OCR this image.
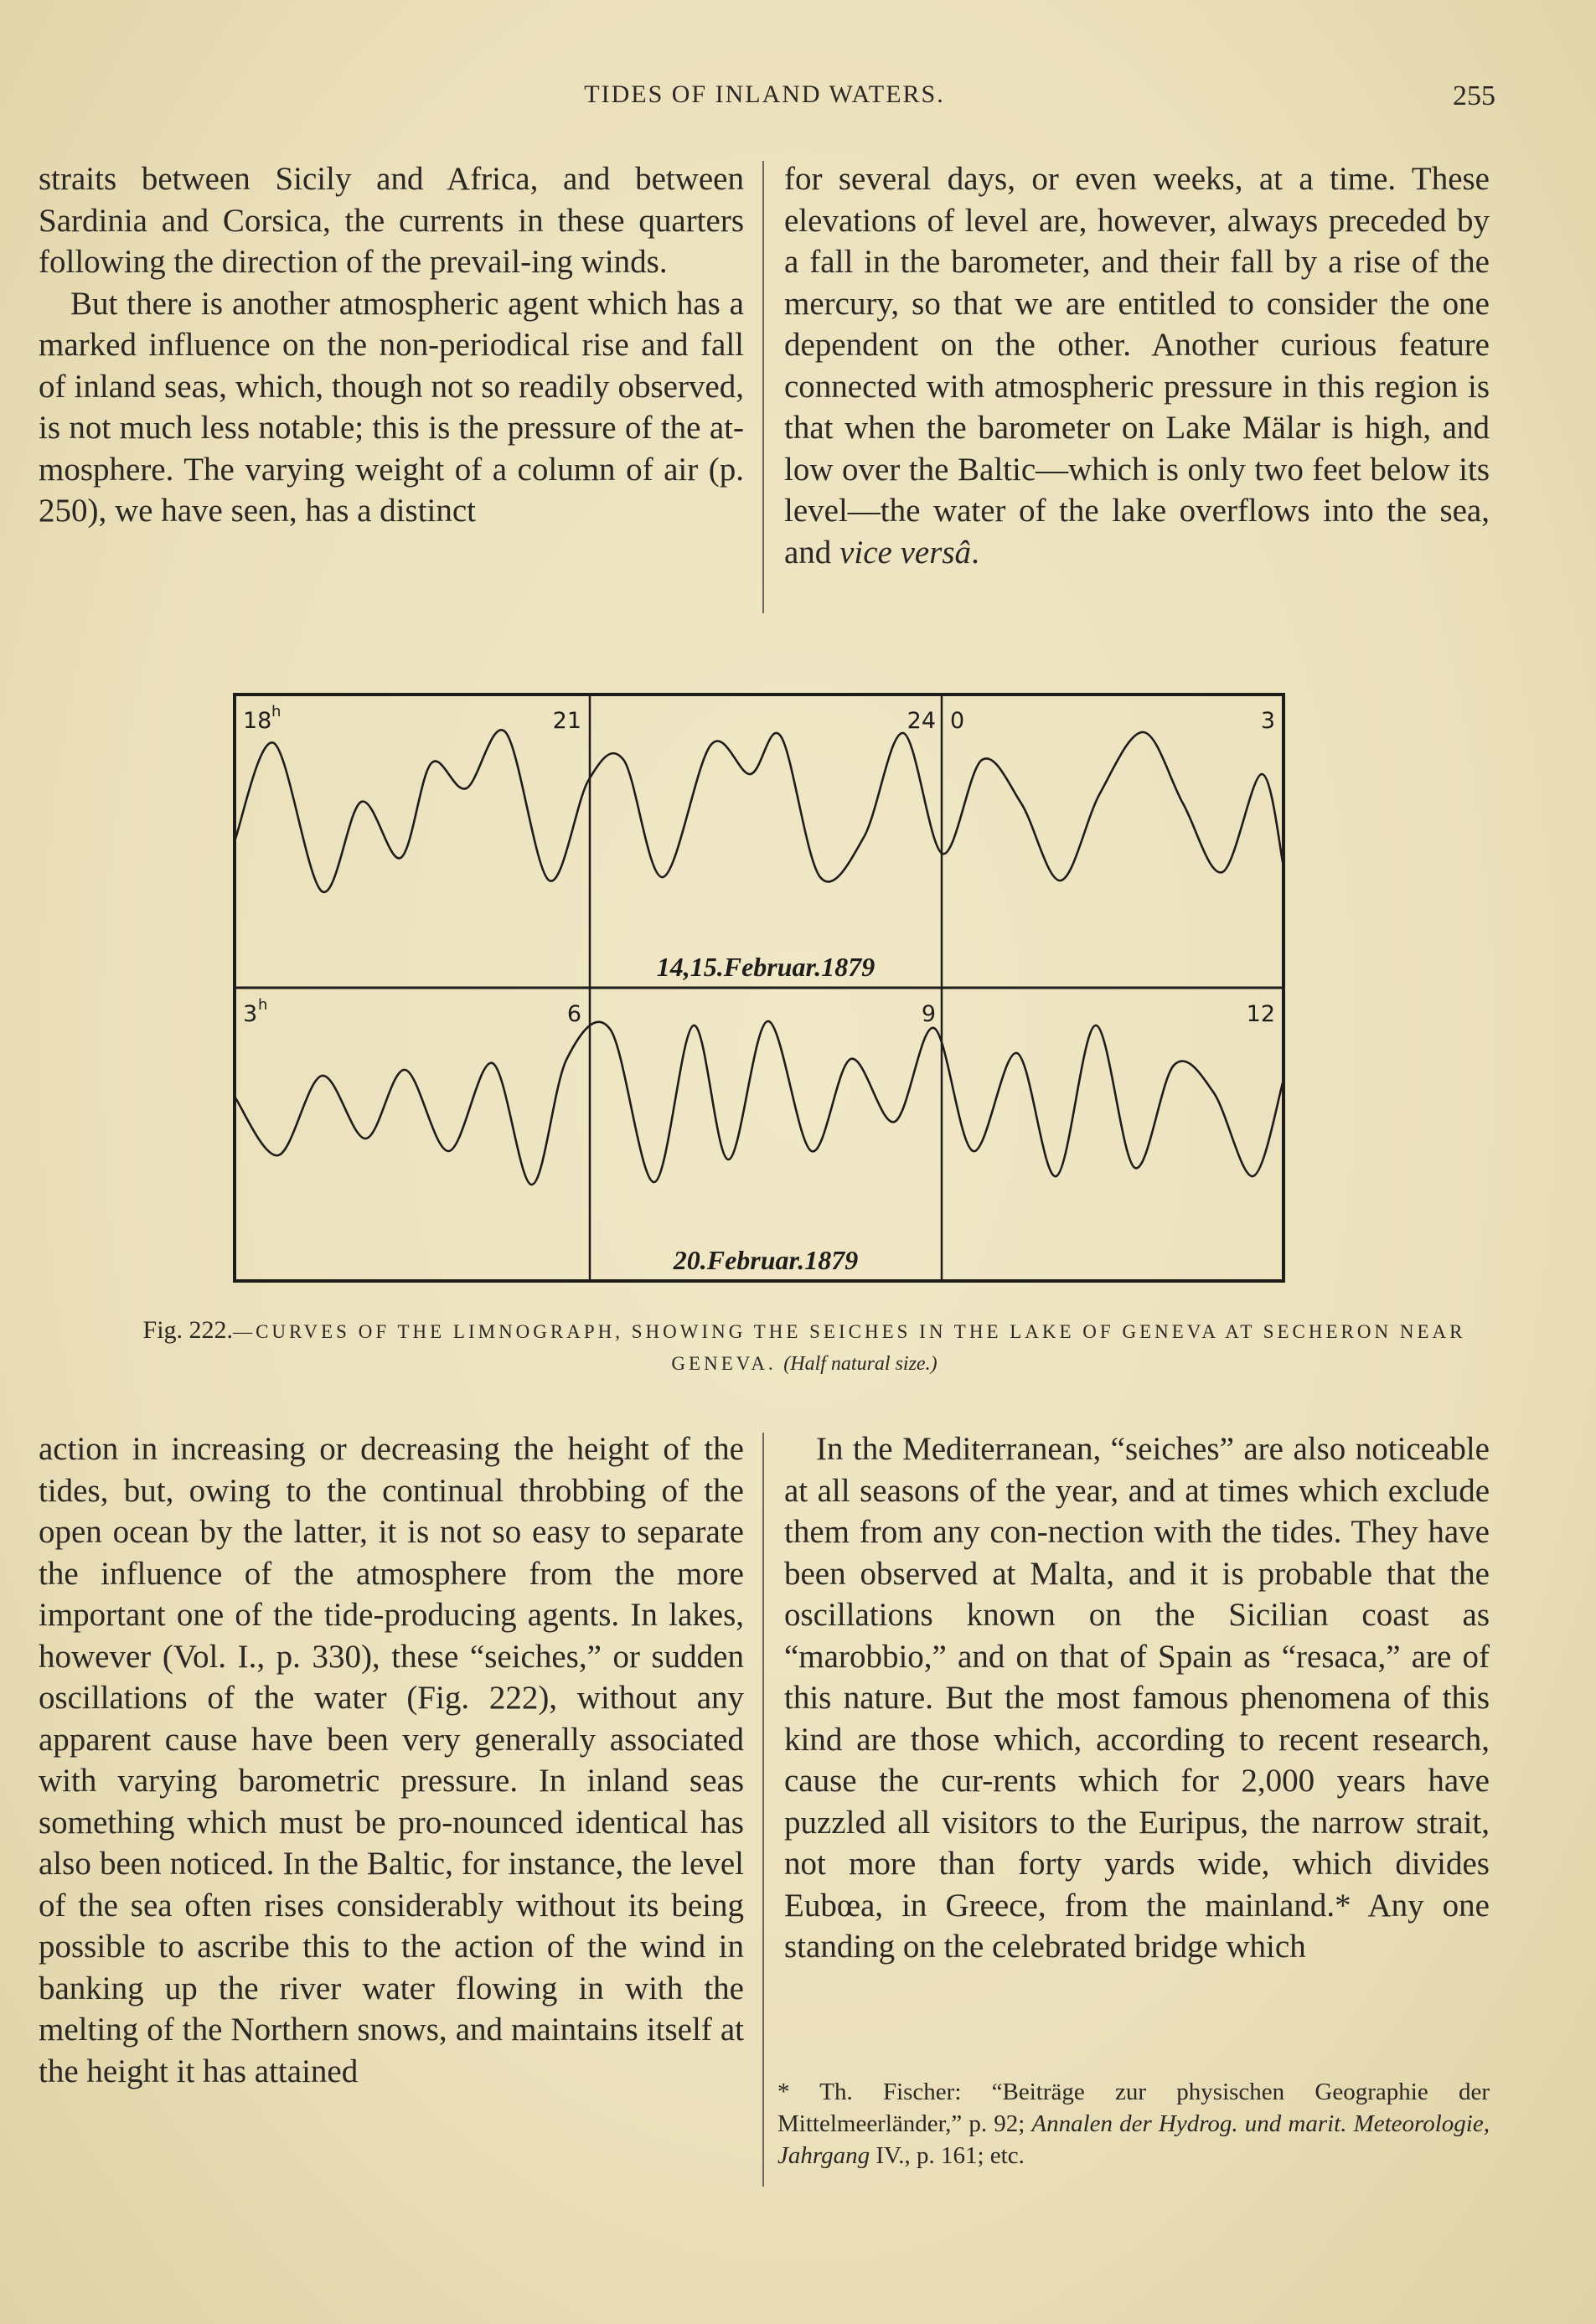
TIDES OF INLAND WATERS.	255

straits between Sicily and Africa, and between Sardinia and Corsica, the currents in these quarters following the direction of the prevail-ing winds.

But there is another atmospheric agent which has a marked influence on the non-periodical rise and fall of inland seas, which, though not so readily observed, is not much less notable; this is the pressure of the at-mosphere. The varying weight of a column of air (p. 250), we have seen, has a distinct

for several days, or even weeks, at a time. These elevations of level are, however, always preceded by a fall in the barometer, and their fall by a rise of the mercury, so that we are entitled to consider the one dependent on the other. Another curious feature connected with atmospheric pressure in this region is that when the barometer on Lake Mälar is high, and low over the Baltic—which is only two feet below its level—the water of the lake overflows into the sea, and vice versâ.

18 h	21	24 0	3
14,15.Februar.1879
3 h	6	9	12
20.Februar.1879
Fig. 222.—CURVES OF THE LIMNOGRAPH, SHOWING THE SEICHES IN THE LAKE OF GENEVA AT SECHERON NEAR GENEVA. (Half natural size.)

action in increasing or decreasing the height of the tides, but, owing to the continual throbbing of the open ocean by the latter, it is not so easy to separate the influence of the atmosphere from the more important one of the tide-producing agents. In lakes, however (Vol. I., p. 330), these “seiches,” or sudden oscillations of the water (Fig. 222), without any apparent cause have been very generally associated with varying barometric pressure. In inland seas something which must be pro-nounced identical has also been noticed. In the Baltic, for instance, the level of the sea often rises considerably without its being possible to ascribe this to the action of the wind in banking up the river water flowing in with the melting of the Northern snows, and maintains itself at the height it has attained

In the Mediterranean, “seiches” are also noticeable at all seasons of the year, and at times which exclude them from any con-nection with the tides. They have been observed at Malta, and it is probable that the oscillations known on the Sicilian coast as “marobbio,” and on that of Spain as “resaca,” are of this nature. But the most famous phenomena of this kind are those which, according to recent research, cause the cur-rents which for 2,000 years have puzzled all visitors to the Euripus, the narrow strait, not more than forty yards wide, which divides Eubœa, in Greece, from the mainland.* Any one standing on the celebrated bridge which

* Th. Fischer: “Beiträge zur physischen Geographie der Mittelmeerländer,” p. 92; Annalen der Hydrog. und marit. Meteorologie, Jahrgang IV., p. 161; etc.
